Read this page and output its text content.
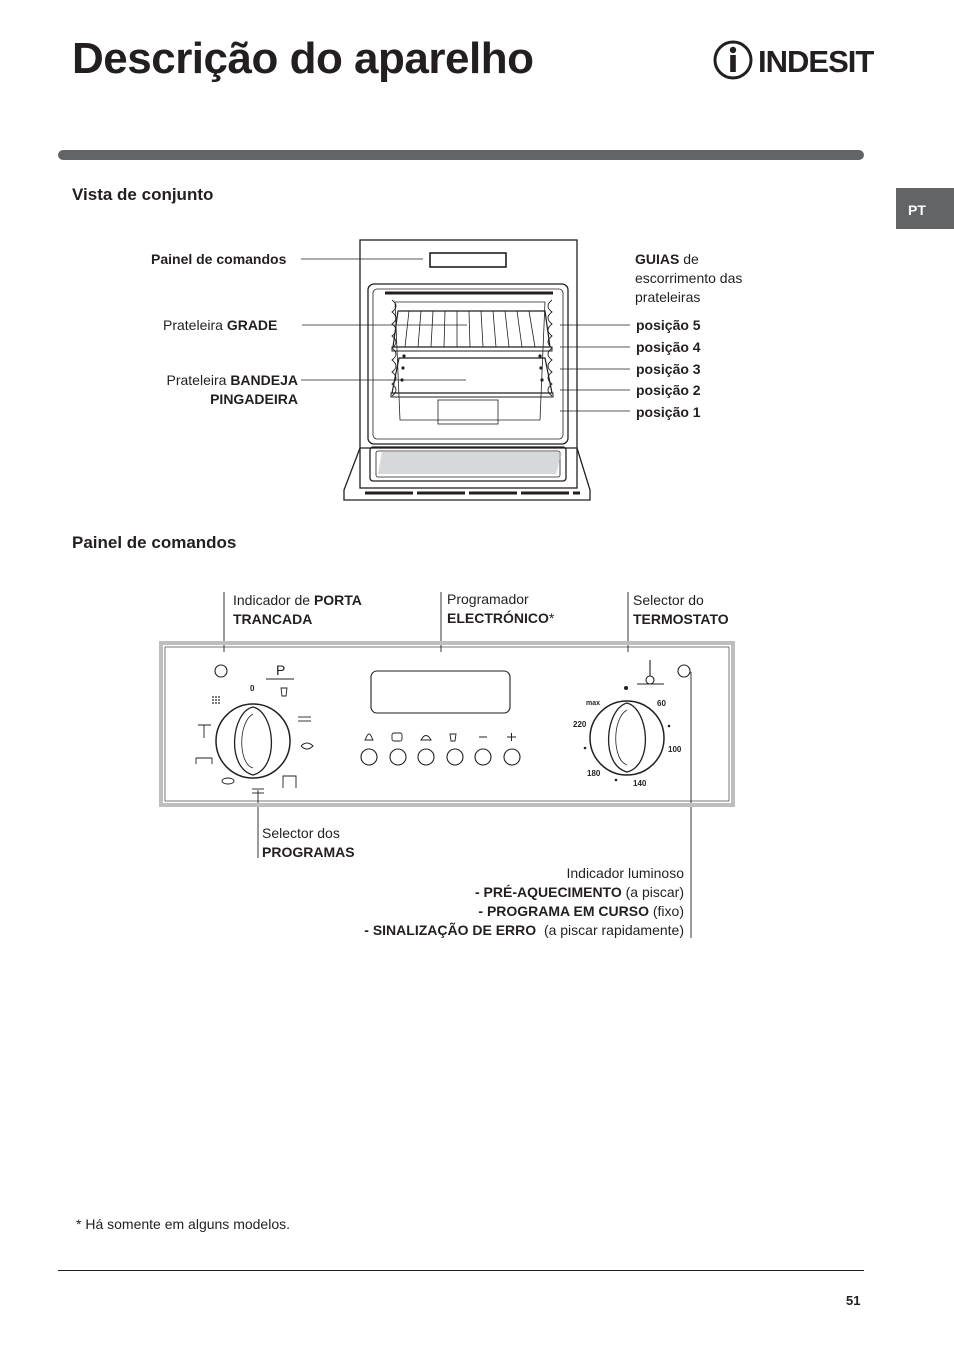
Descrição do aparelho	INDESIT
PT
Vista de conjunto
Painel de comandos
Prateleira GRADE
Prateleira BANDEJA
PINGADEIRA
GUIAS de
escorrimento das
prateleiras
posição 5
posição 4
posição 3
posição 2
posição 1
Painel de comandos
Indicador de PORTA
TRANCADA
Programador
ELECTRÓNICO*
Selector do
TERMOSTATO
0
P
max	60
100
140
180
220
Selector dos
PROGRAMAS
Indicador luminoso
- PRÉ-AQUECIMENTO (a piscar)
- PROGRAMA EM CURSO (fixo)
- SINALIZAÇÃO DE ERRO (a piscar rapidamente)
* Há somente em alguns modelos.
51
